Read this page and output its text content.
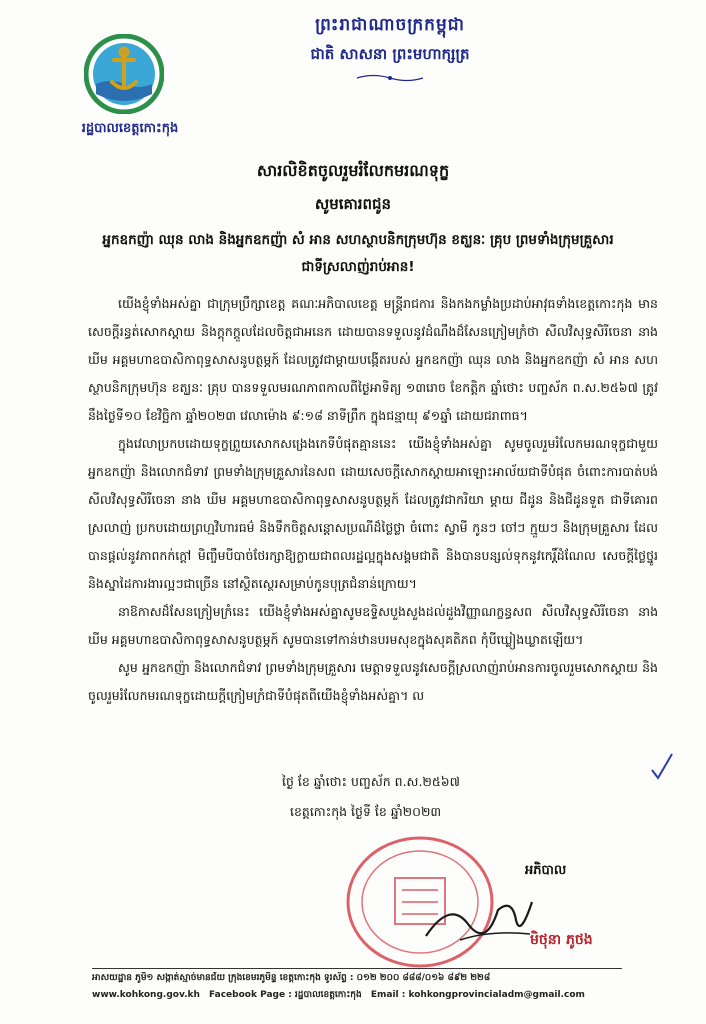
ព្រះរាជាណាចក្រកម្ពុជា
ជាតិ សាសនា ព្រះមហាក្សត្រ
រដ្ឋបាលខេត្តកោះកុង
សារលិខិតចូលរួមរំលែកមរណទុក្ខ
សូមគោរពជូន
អ្នកឧកញ៉ា ឈុន លាង និងអ្នកឧកញ៉ា សំ អាន សហស្ថាបនិកក្រុមហ៊ុន ខត្ឃនៈ គ្រុប ព្រមទាំងក្រុមគ្រួសារ ជាទីស្រលាញ់រាប់អាន!

យើងខ្ញុំទាំងអស់គ្នា ជាក្រុមប្រឹក្សាខេត្ត គណៈអភិបាលខេត្ត មន្ត្រីរាជការ និងកងកម្លាំងប្រដាប់អាវុធទាំងខេត្តកោះកុង មានសេចក្តីរន្ធត់សោកស្តាយ និងក្តុកក្តួលដែលចិត្តជាអនេក ដោយបានទទួលនូវដំណឹងដ៏សែនក្រៀមក្រំថា សីលវិសុទ្ធសិរីចេនា នាង ឃីម អគ្គមហាឧបាសិកាពុទ្ធសាសនូបត្ថម្ភក៍ ដែលត្រូវជាម្តាយបង្កើតរបស់ អ្នកឧកញ៉ា ឈុន លាង និងអ្នកឧកញ៉ា សំ អាន សហស្ថាបនិកក្រុមហ៊ុន ខត្ឃនៈ គ្រុប បានទទួលមរណភាពកាលពីថ្ងៃអាទិត្យ ១៣រោច ខែកត្តិក ឆ្នាំថោះ បញ្ចស័ក ព.ស.២៥៦៧ ត្រូវនឹងថ្ងៃទី១០ ខែវិច្ឆិកា ឆ្នាំ២០២៣ វេលាម៉ោង ៩:១៨ នាទីព្រឹក ក្នុងជន្មាយុ ៩១ឆ្នាំ ដោយជរាពាធ។

ក្នុងវេលាប្រកបដោយទុក្ខព្រួយសោកសង្រេងកេទីបំផុតគ្មាននេះ យើងខ្ញុំទាំងអស់គ្នា សូមចូលរួមរំលែកមរណទុក្ខជាមួយ អ្នកឧកញ៉ា និងលោកជំទាវ ព្រមទាំងក្រុមគ្រួសារនៃសព ដោយសេចក្តីសោកស្តាយអាឡោះអាល័យជាទីបំផុត ចំពោះការបាត់បង់ សីលវិសុទ្ធសិរីចេនា នាង ឃីម អគ្គមហាឧបាសិកាពុទ្ធសាសនូបត្ថម្ភក៍ ដែលត្រូវជាករិយា ម្តាយ ជីដូន និងជីដូនទួត ជាទីគោរពស្រលាញ់ ប្រកបដោយព្រហ្មវិហារធម៌ និងទឹកចិត្តសន្តោសប្រណីដ៏ថ្លៃថ្លា ចំពោះ ស្វាមី កូនៗ ចៅៗ ក្មួយៗ និងក្រុមគ្រួសារ ដែលបានផ្តល់នូវភាពកក់ក្តៅ មិញ្ចឹមបីបាច់ថែរក្សាឱ្យក្លាយជាពលរដ្ឋល្អក្នុងសង្គមជាតិ និងបានបន្សល់ទុកនូវកេរ្តិ៍ដំណែល សេចក្តីថ្លៃថ្នូរ និងស្នាដៃការងារល្អៗជាច្រើន នៅស្ថិតស្ថេរសម្រាប់កូនបុត្រជំនាន់ក្រោយ។

នាឱកាសដ៏សែនក្រៀមក្រំនេះ យើងខ្ញុំទាំងអស់គ្នាសូមឧទ្ទិសបួងសួងដល់ដួងវិញ្ញាណក្ខន្ធសព សីលវិសុទ្ធសិរីចេនា នាង ឃីម អគ្គមហាឧបាសិកាពុទ្ធសាសនូបត្ថម្ភក៍ សូមបានទៅកាន់ឋានបរមសុខក្នុងសុគតិភព កុំបីឃ្លៀងឃ្លាតឡើយ។

សូម អ្នកឧកញ៉ា និងលោកជំទាវ ព្រមទាំងក្រុមគ្រួសារ មេត្តាទទួលនូវសេចក្តីស្រលាញ់រាប់អានការចូលរួមសោកស្តាយ និងចូលរួមរំលែកមរណទុក្ខដោយក្តីក្រៀមក្រំជាទីបំផុតពីយើងខ្ញុំទាំងអស់គ្នា។ ល

ថ្ងៃ ខែ ឆ្នាំថោះ បញ្ចស័ក ព.ស.២៥៦៧
ខេត្តកោះកុង ថ្ងៃទី ខែ ឆ្នាំ២០២៣
អភិបាល
មិថុនា ភូថង
អាសយដ្ឋាន ភូមិ១ សង្កាត់ស្មាច់មានជ័យ ក្រុងខេមរភូមិន្ទ ខេត្តកោះកុង ទូរស័ព្ទ : ០១២ ២០០ ៨៨៨/០១៦ ៨៩២ ២២៨
www.kohkong.gov.kh Facebook Page : រដ្ឋបាលខេត្តកោះកុង Email : kohkongprovincialadm@gmail.com
